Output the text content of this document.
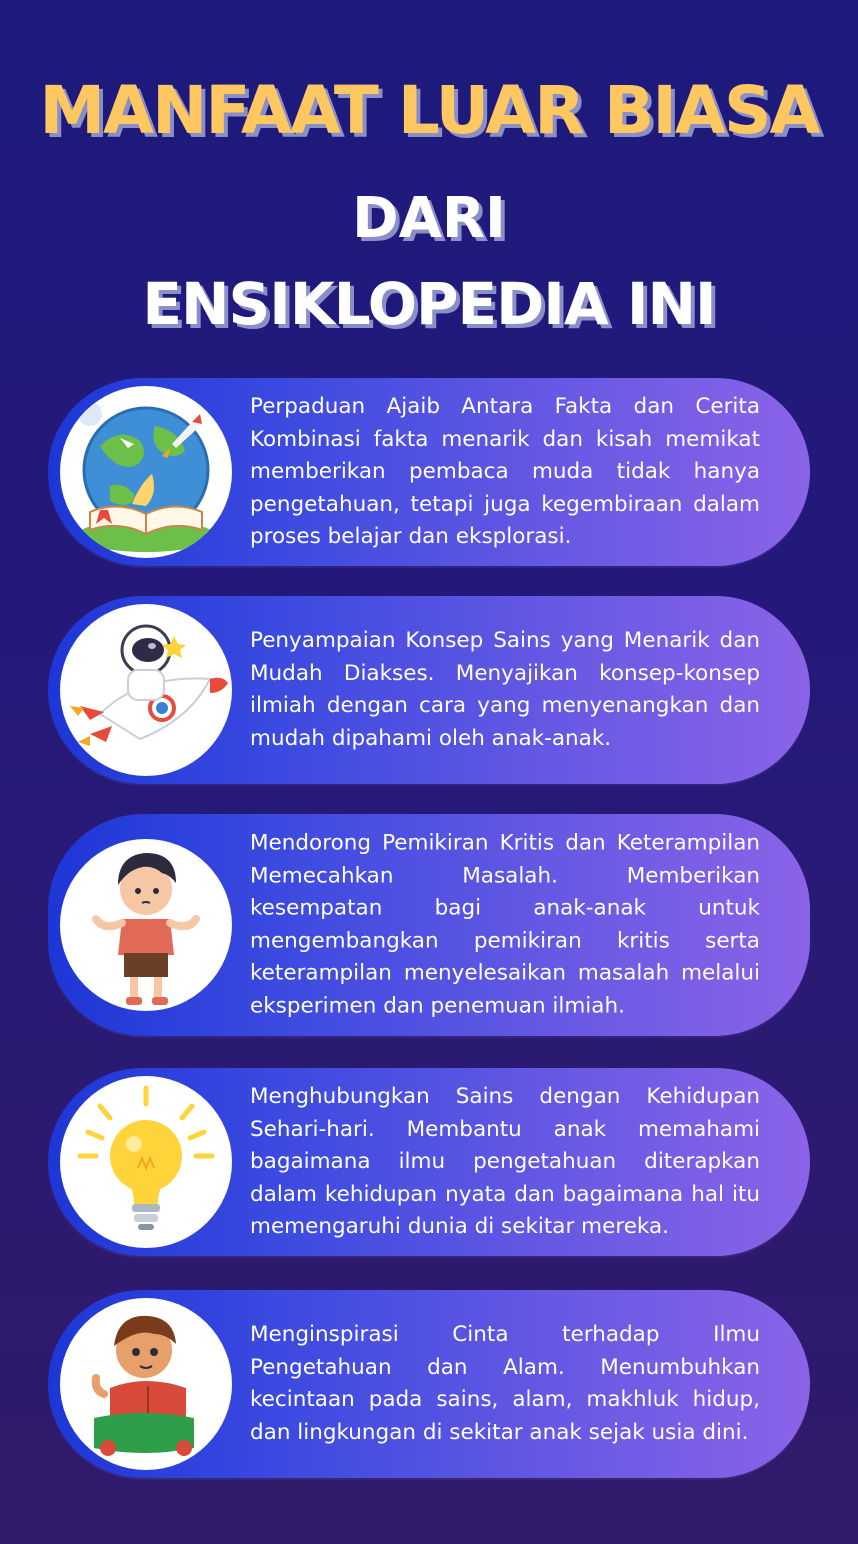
MANFAAT LUAR BIASA
DARI
ENSIKLOPEDIA INI
Perpaduan Ajaib Antara Fakta dan Cerita Kombinasi fakta menarik dan kisah memikat memberikan pembaca muda tidak hanya pengetahuan, tetapi juga kegembiraan dalam proses belajar dan eksplorasi.
Penyampaian Konsep Sains yang Menarik dan Mudah Diakses. Menyajikan konsep-konsep ilmiah dengan cara yang menyenangkan dan mudah dipahami oleh anak-anak.
Mendorong Pemikiran Kritis dan Keterampilan Memecahkan Masalah. Memberikan kesempatan bagi anak-anak untuk mengembangkan pemikiran kritis serta keterampilan menyelesaikan masalah melalui eksperimen dan penemuan ilmiah.
Menghubungkan Sains dengan Kehidupan Sehari-hari. Membantu anak memahami bagaimana ilmu pengetahuan diterapkan dalam kehidupan nyata dan bagaimana hal itu memengaruhi dunia di sekitar mereka.
Menginspirasi Cinta terhadap Ilmu Pengetahuan dan Alam. Menumbuhkan kecintaan pada sains, alam, makhluk hidup, dan lingkungan di sekitar anak sejak usia dini.
